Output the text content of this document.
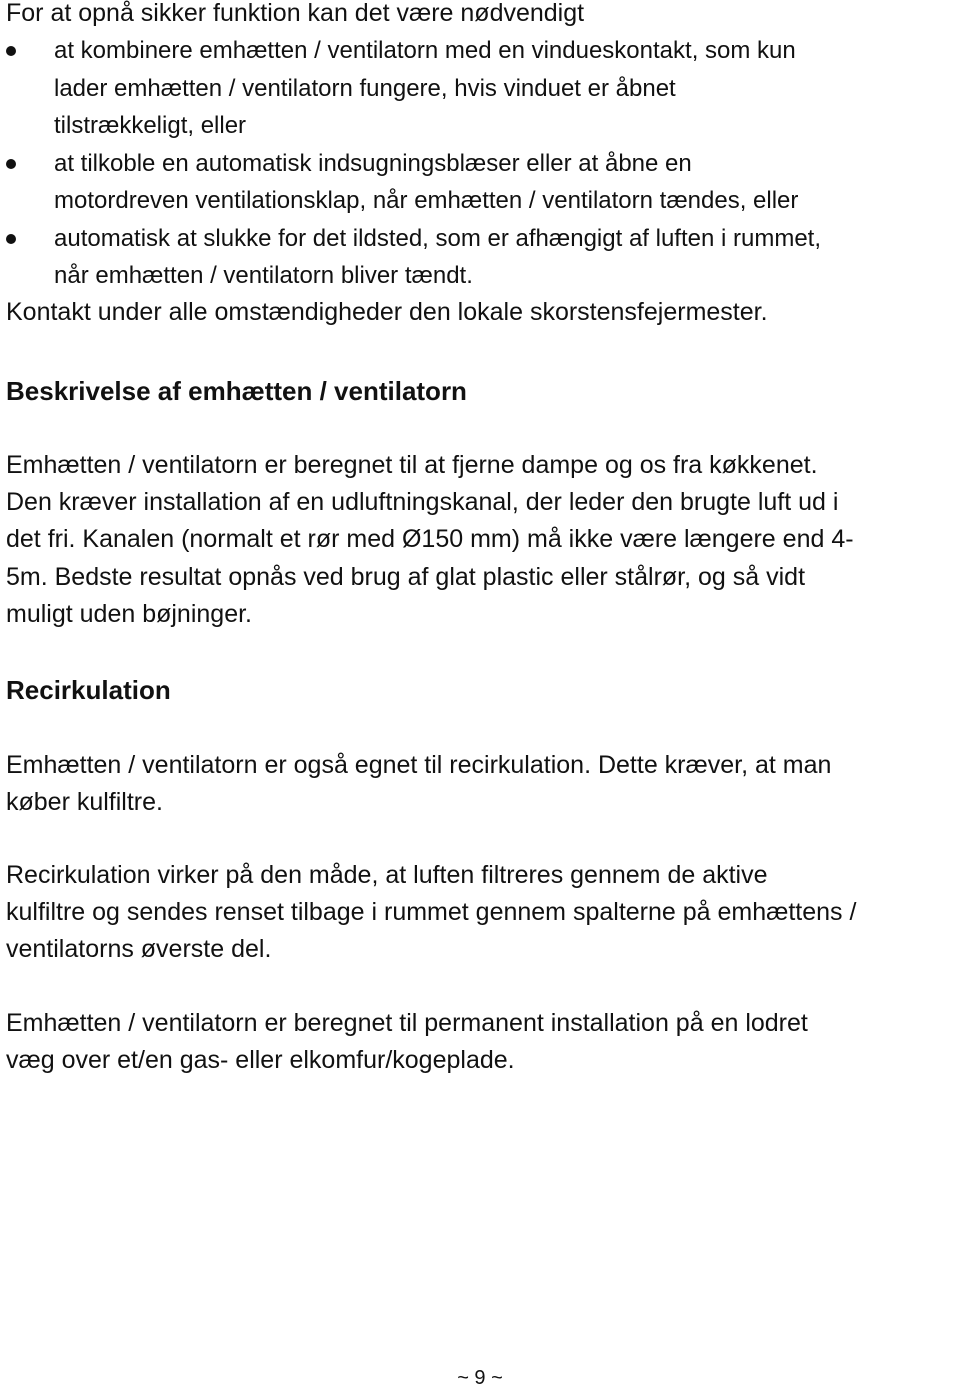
For at opnå sikker funktion kan det være nødvendigt
at kombinere emhætten / ventilatorn med en vindueskontakt, som kun
lader emhætten / ventilatorn fungere, hvis vinduet er åbnet
tilstrækkeligt, eller
at tilkoble en automatisk indsugningsblæser eller at åbne en
motordreven ventilationsklap, når emhætten / ventilatorn tændes, eller
automatisk at slukke for det ildsted, som er afhængigt af luften i rummet,
når emhætten / ventilatorn bliver tændt.
Kontakt under alle omstændigheder den lokale skorstensfejermester.
Beskrivelse af emhætten / ventilatorn
Emhætten / ventilatorn er beregnet til at fjerne dampe og os fra køkkenet.
Den kræver installation af en udluftningskanal, der leder den brugte luft ud i
det fri. Kanalen (normalt et rør med Ø150 mm) må ikke være længere end 4-
5m. Bedste resultat opnås ved brug af glat plastic eller stålrør, og så vidt
muligt uden bøjninger.
Recirkulation
Emhætten / ventilatorn er også egnet til recirkulation. Dette kræver, at man
køber kulfiltre.
Recirkulation virker på den måde, at luften filtreres gennem de aktive
kulfiltre og sendes renset tilbage i rummet gennem spalterne på emhættens /
ventilatorns øverste del.
Emhætten / ventilatorn er beregnet til permanent installation på en lodret
væg over et/en gas- eller elkomfur/kogeplade.
~ 9 ~
